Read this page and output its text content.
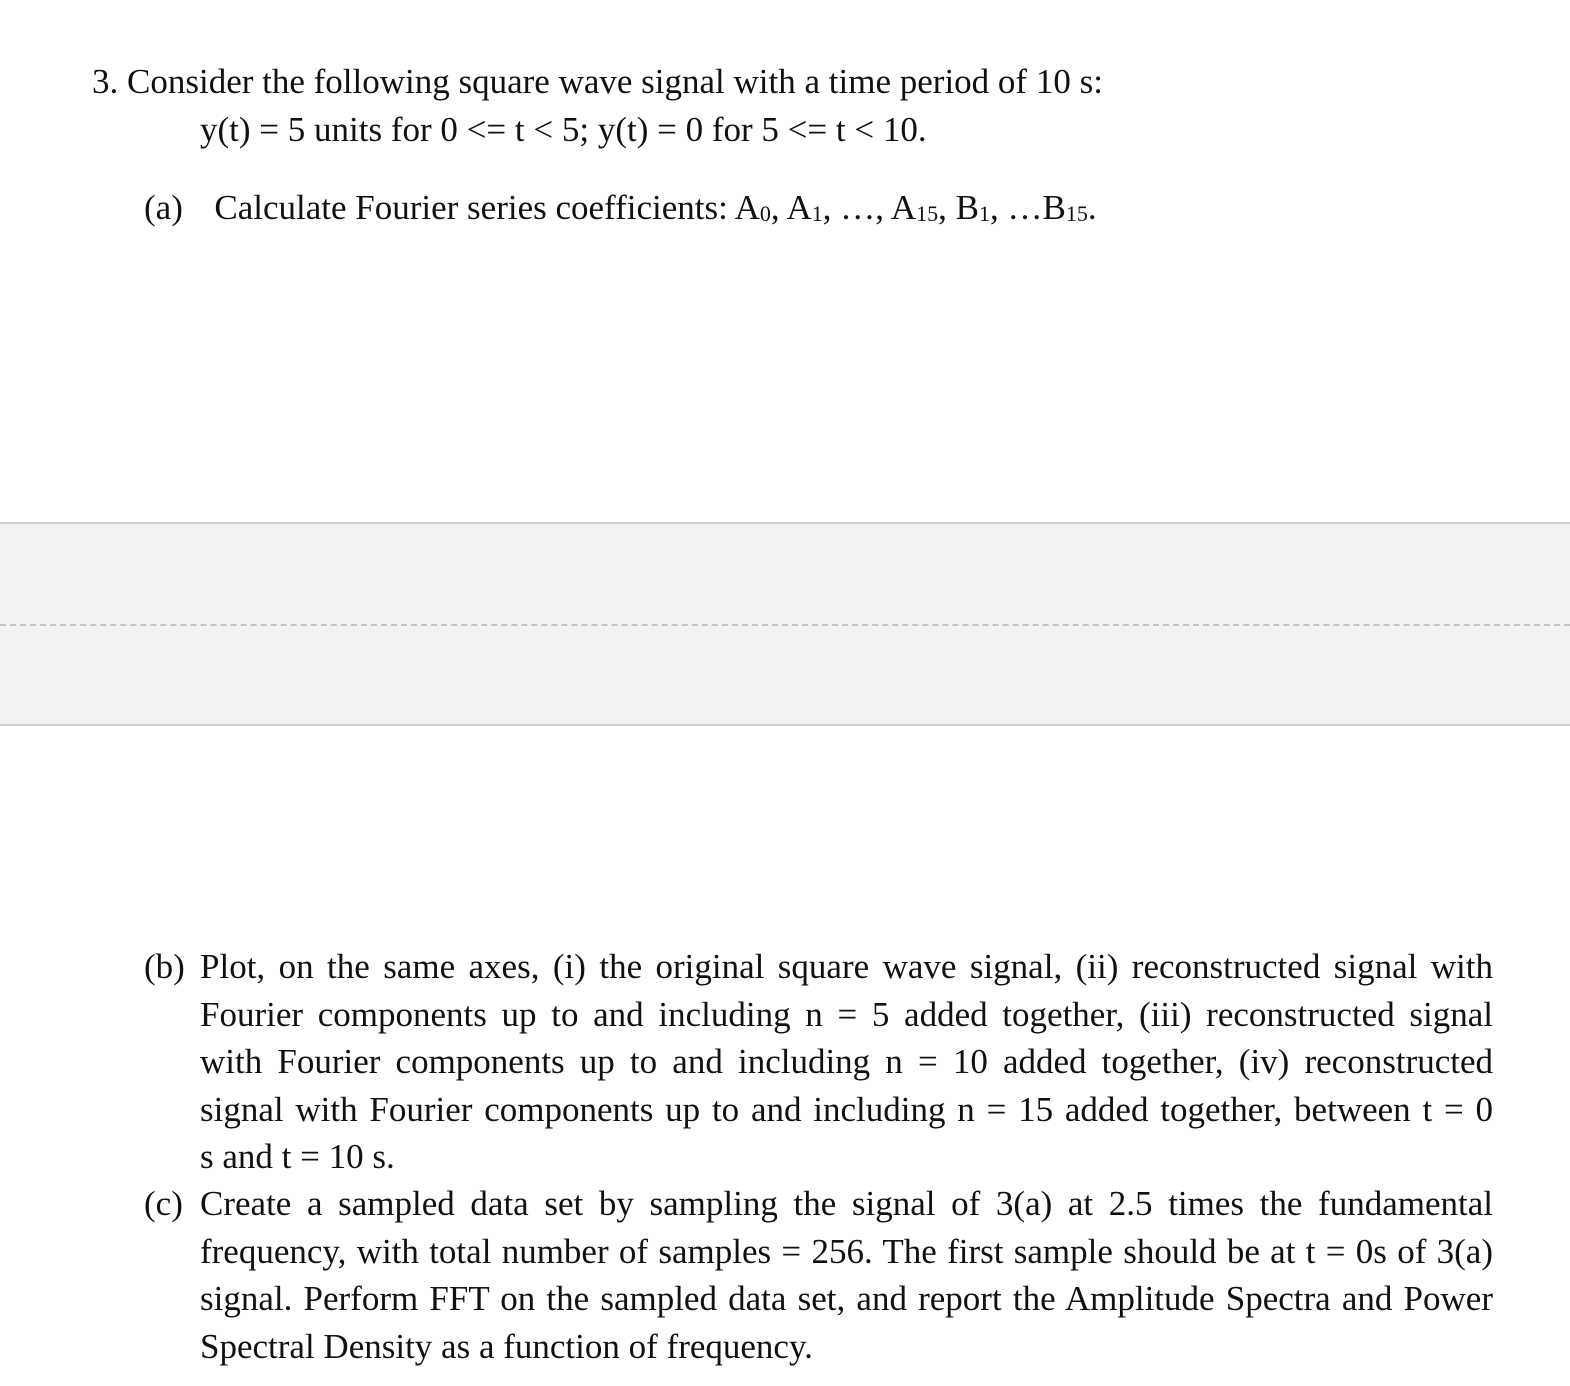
3. Consider the following square wave signal with a time period of 10 s:
y(t) = 5 units for 0 <= t < 5; y(t) = 0 for 5 <= t < 10.
(a) Calculate Fourier series coefficients: $A_0$, $A_1$, …, $A_{15}$, $B_1$, $\dots B_{15}$.
(b) Plot, on the same axes, (i) the original square wave signal, (ii) reconstructed signal with
Fourier components up to and including n = 5 added together, (iii) reconstructed signal
with Fourier components up to and including n = 10 added together, (iv) reconstructed
signal with Fourier components up to and including n = 15 added together, between t = 0
s and t = 10 s.
(c) Create a sampled data set by sampling the signal of 3(a) at 2.5 times the fundamental
frequency, with total number of samples = 256. The first sample should be at t = 0s of 3(a)
signal. Perform FFT on the sampled data set, and report the Amplitude Spectra and Power
Spectral Density as a function of frequency.
